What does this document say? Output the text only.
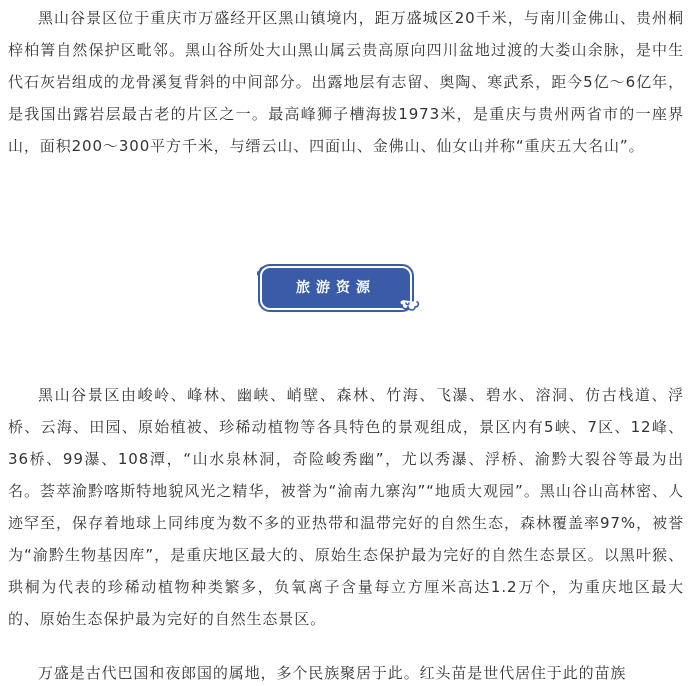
黑山谷景区位于重庆市万盛经开区黑山镇境内，距万盛城区20千米，与南川金佛山、贵州桐梓柏箐自然保护区毗邻。黑山谷所处大山黑山属云贵高原向四川盆地过渡的大娄山余脉，是中生代石灰岩组成的龙骨溪复背斜的中间部分。出露地层有志留、奥陶、寒武系，距今5亿～6亿年，是我国出露岩层最古老的片区之一。最高峰狮子槽海拔1973米，是重庆与贵州两省市的一座界山，面积200～300平方千米，与缙云山、四面山、金佛山、仙女山并称“重庆五大名山”。

旅游资源

黑山谷景区由峻岭、峰林、幽峡、峭壁、森林、竹海、飞瀑、碧水、溶洞、仿古栈道、浮桥、云海、田园、原始植被、珍稀动植物等各具特色的景观组成，景区内有5峡、7区、12峰、36桥、99瀑、108潭，“山水泉林洞，奇险峻秀幽”，尤以秀瀑、浮桥、渝黔大裂谷等最为出名。荟萃渝黔喀斯特地貌风光之精华，被誉为“渝南九寨沟”“地质大观园”。黑山谷山高林密、人迹罕至，保存着地球上同纬度为数不多的亚热带和温带完好的自然生态，森林覆盖率97%，被誉为“渝黔生物基因库”，是重庆地区最大的、原始生态保护最为完好的自然生态景区。以黑叶猴、珙桐为代表的珍稀动植物种类繁多，负氧离子含量每立方厘米高达1.2万个，为重庆地区最大的、原始生态保护最为完好的自然生态景区。

万盛是古代巴国和夜郎国的属地，多个民族聚居于此。红头苗是世代居住于此的苗族
